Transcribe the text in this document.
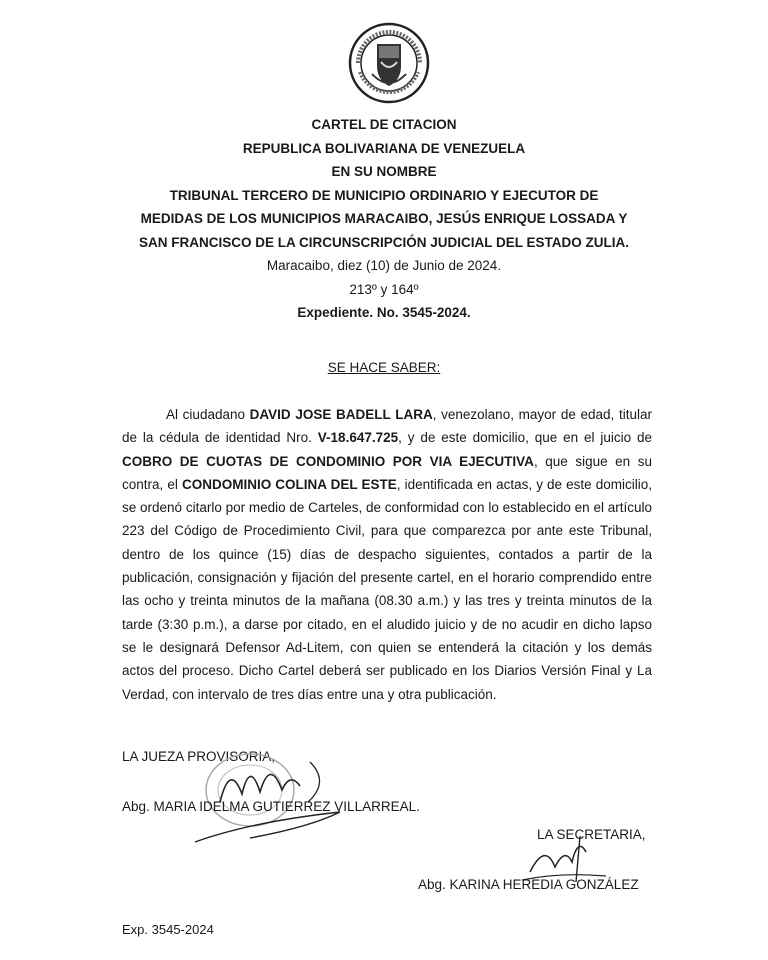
CARTEL DE CITACION
REPUBLICA BOLIVARIANA DE VENEZUELA
EN SU NOMBRE
TRIBUNAL TERCERO DE MUNICIPIO ORDINARIO Y EJECUTOR DE
MEDIDAS DE LOS MUNICIPIOS MARACAIBO, JESÚS ENRIQUE LOSSADA Y
SAN FRANCISCO DE LA CIRCUNSCRIPCIÓN JUDICIAL DEL ESTADO ZULIA.
Maracaibo, diez (10) de Junio de 2024.
213º y 164º
Expediente. No. 3545-2024.
SE HACE SABER:

Al ciudadano DAVID JOSE BADELL LARA, venezolano, mayor de edad, titular de la cédula de identidad Nro. V-18.647.725, y de este domicilio, que en el juicio de COBRO DE CUOTAS DE CONDOMINIO POR VIA EJECUTIVA, que sigue en su contra, el CONDOMINIO COLINA DEL ESTE, identificada en actas, y de este domicilio, se ordenó citarlo por medio de Carteles, de conformidad con lo establecido en el artículo 223 del Código de Procedimiento Civil, para que comparezca por ante este Tribunal, dentro de los quince (15) días de despacho siguientes, contados a partir de la publicación, consignación y fijación del presente cartel, en el horario comprendido entre las ocho y treinta minutos de la mañana (08.30 a.m.) y las tres y treinta minutos de la tarde (3:30 p.m.), a darse por citado, en el aludido juicio y de no acudir en dicho lapso se le designará Defensor Ad-Litem, con quien se entenderá la citación y los demás actos del proceso. Dicho Cartel deberá ser publicado en los Diarios Versión Final y La Verdad, con intervalo de tres días entre una y otra publicación.

LA JUEZA PROVISORIA,
Abg. MARIA IDELMA GUTIERREZ VILLARREAL.
LA SECRETARIA,
Abg. KARINA HEREDIA GONZÁLEZ
Exp. 3545-2024
